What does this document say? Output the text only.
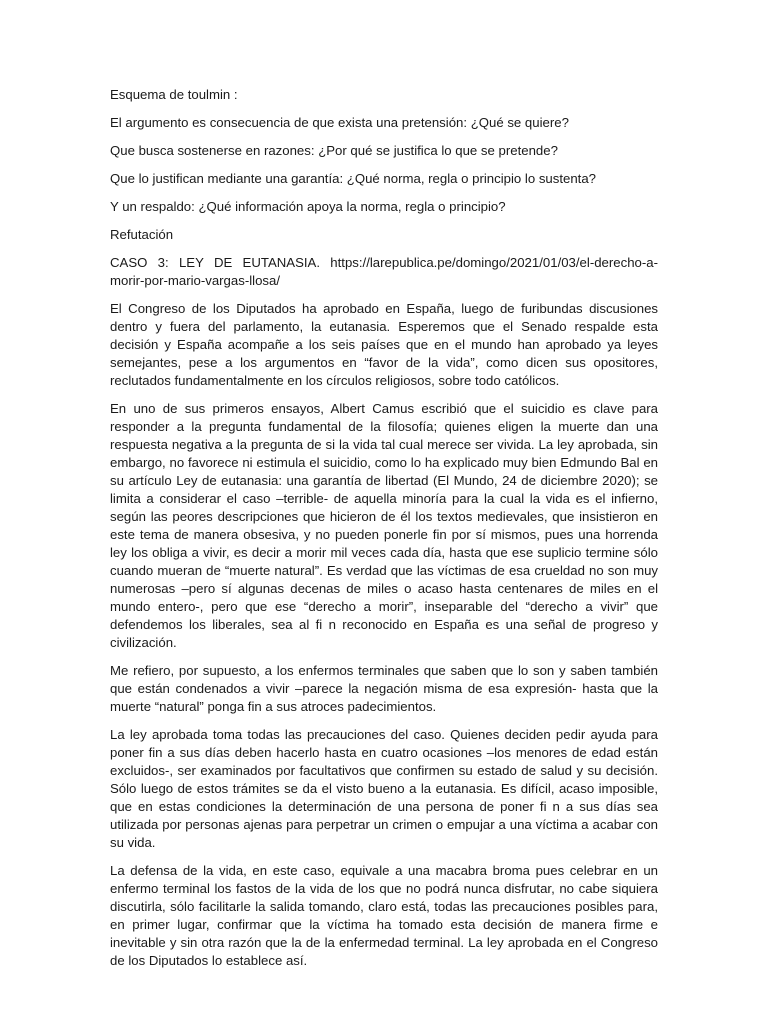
Esquema de toulmin :
El argumento es consecuencia de que exista una pretensión: ¿Qué se quiere?
Que busca sostenerse en razones: ¿Por qué se justifica lo que se pretende?
Que lo justifican mediante una garantía: ¿Qué norma, regla o principio lo sustenta?
Y un respaldo: ¿Qué información apoya la norma, regla o principio?
Refutación

CASO 3: LEY DE EUTANASIA. https://larepublica.pe/domingo/2021/01/03/el-derecho-a-morir-por-mario-vargas-llosa/

El Congreso de los Diputados ha aprobado en España, luego de furibundas discusiones dentro y fuera del parlamento, la eutanasia. Esperemos que el Senado respalde esta decisión y España acompañe a los seis países que en el mundo han aprobado ya leyes semejantes, pese a los argumentos en “favor de la vida”, como dicen sus opositores, reclutados fundamentalmente en los círculos religiosos, sobre todo católicos.

En uno de sus primeros ensayos, Albert Camus escribió que el suicidio es clave para responder a la pregunta fundamental de la filosofía; quienes eligen la muerte dan una respuesta negativa a la pregunta de si la vida tal cual merece ser vivida. La ley aprobada, sin embargo, no favorece ni estimula el suicidio, como lo ha explicado muy bien Edmundo Bal en su artículo Ley de eutanasia: una garantía de libertad (El Mundo, 24 de diciembre 2020); se limita a considerar el caso –terrible- de aquella minoría para la cual la vida es el infierno, según las peores descripciones que hicieron de él los textos medievales, que insistieron en este tema de manera obsesiva, y no pueden ponerle fin por sí mismos, pues una horrenda ley los obliga a vivir, es decir a morir mil veces cada día, hasta que ese suplicio termine sólo cuando mueran de “muerte natural”. Es verdad que las víctimas de esa crueldad no son muy numerosas –pero sí algunas decenas de miles o acaso hasta centenares de miles en el mundo entero-, pero que ese “derecho a morir”, inseparable del “derecho a vivir” que defendemos los liberales, sea al fi n reconocido en España es una señal de progreso y civilización.

Me refiero, por supuesto, a los enfermos terminales que saben que lo son y saben también que están condenados a vivir –parece la negación misma de esa expresión- hasta que la muerte “natural” ponga fin a sus atroces padecimientos.

La ley aprobada toma todas las precauciones del caso. Quienes deciden pedir ayuda para poner fin a sus días deben hacerlo hasta en cuatro ocasiones –los menores de edad están excluidos-, ser examinados por facultativos que confirmen su estado de salud y su decisión. Sólo luego de estos trámites se da el visto bueno a la eutanasia. Es difícil, acaso imposible, que en estas condiciones la determinación de una persona de poner fi n a sus días sea utilizada por personas ajenas para perpetrar un crimen o empujar a una víctima a acabar con su vida.

La defensa de la vida, en este caso, equivale a una macabra broma pues celebrar en un enfermo terminal los fastos de la vida de los que no podrá nunca disfrutar, no cabe siquiera discutirla, sólo facilitarle la salida tomando, claro está, todas las precauciones posibles para, en primer lugar, confirmar que la víctima ha tomado esta decisión de manera firme e inevitable y sin otra razón que la de la enfermedad terminal. La ley aprobada en el Congreso de los Diputados lo establece así.
